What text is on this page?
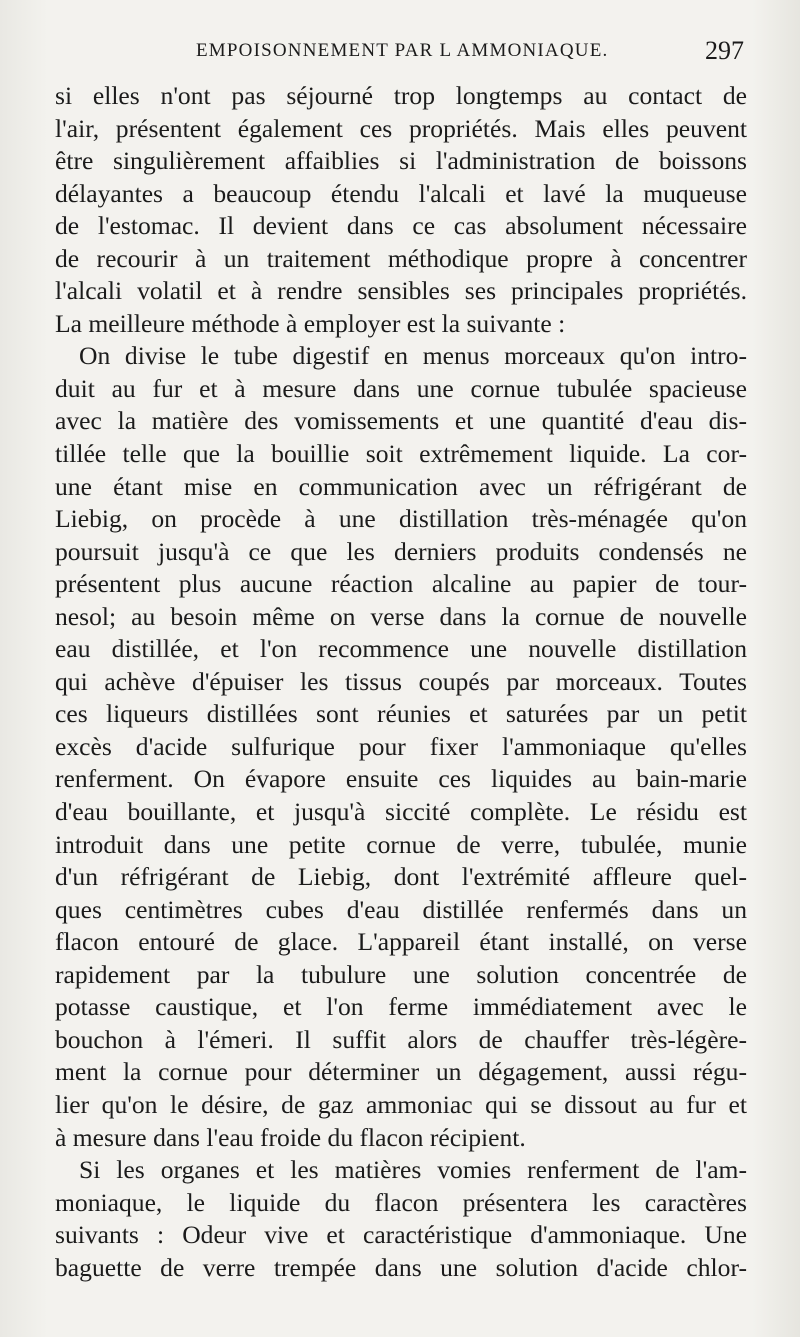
EMPOISONNEMENT PAR L AMMONIAQUE.	297
si elles n'ont pas séjourné trop longtemps au contact de
l'air, présentent également ces propriétés. Mais elles peuvent
être singulièrement affaiblies si l'administration de boissons
délayantes a beaucoup étendu l'alcali et lavé la muqueuse
de l'estomac. Il devient dans ce cas absolument nécessaire
de recourir à un traitement méthodique propre à concentrer
l'alcali volatil et à rendre sensibles ses principales propriétés.
La meilleure méthode à employer est la suivante :
On divise le tube digestif en menus morceaux qu'on intro-
duit au fur et à mesure dans une cornue tubulée spacieuse
avec la matière des vomissements et une quantité d'eau dis-
tillée telle que la bouillie soit extrêmement liquide. La cor-
une étant mise en communication avec un réfrigérant de
Liebig, on procède à une distillation très-ménagée qu'on
poursuit jusqu'à ce que les derniers produits condensés ne
présentent plus aucune réaction alcaline au papier de tour-
nesol; au besoin même on verse dans la cornue de nouvelle
eau distillée, et l'on recommence une nouvelle distillation
qui achève d'épuiser les tissus coupés par morceaux. Toutes
ces liqueurs distillées sont réunies et saturées par un petit
excès d'acide sulfurique pour fixer l'ammoniaque qu'elles
renferment. On évapore ensuite ces liquides au bain-marie
d'eau bouillante, et jusqu'à siccité complète. Le résidu est
introduit dans une petite cornue de verre, tubulée, munie
d'un réfrigérant de Liebig, dont l'extrémité affleure quel-
ques centimètres cubes d'eau distillée renfermés dans un
flacon entouré de glace. L'appareil étant installé, on verse
rapidement par la tubulure une solution concentrée de
potasse caustique, et l'on ferme immédiatement avec le
bouchon à l'émeri. Il suffit alors de chauffer très-légère-
ment la cornue pour déterminer un dégagement, aussi régu-
lier qu'on le désire, de gaz ammoniac qui se dissout au fur et
à mesure dans l'eau froide du flacon récipient.
Si les organes et les matières vomies renferment de l'am-
moniaque, le liquide du flacon présentera les caractères
suivants : Odeur vive et caractéristique d'ammoniaque. Une
baguette de verre trempée dans une solution d'acide chlor-
